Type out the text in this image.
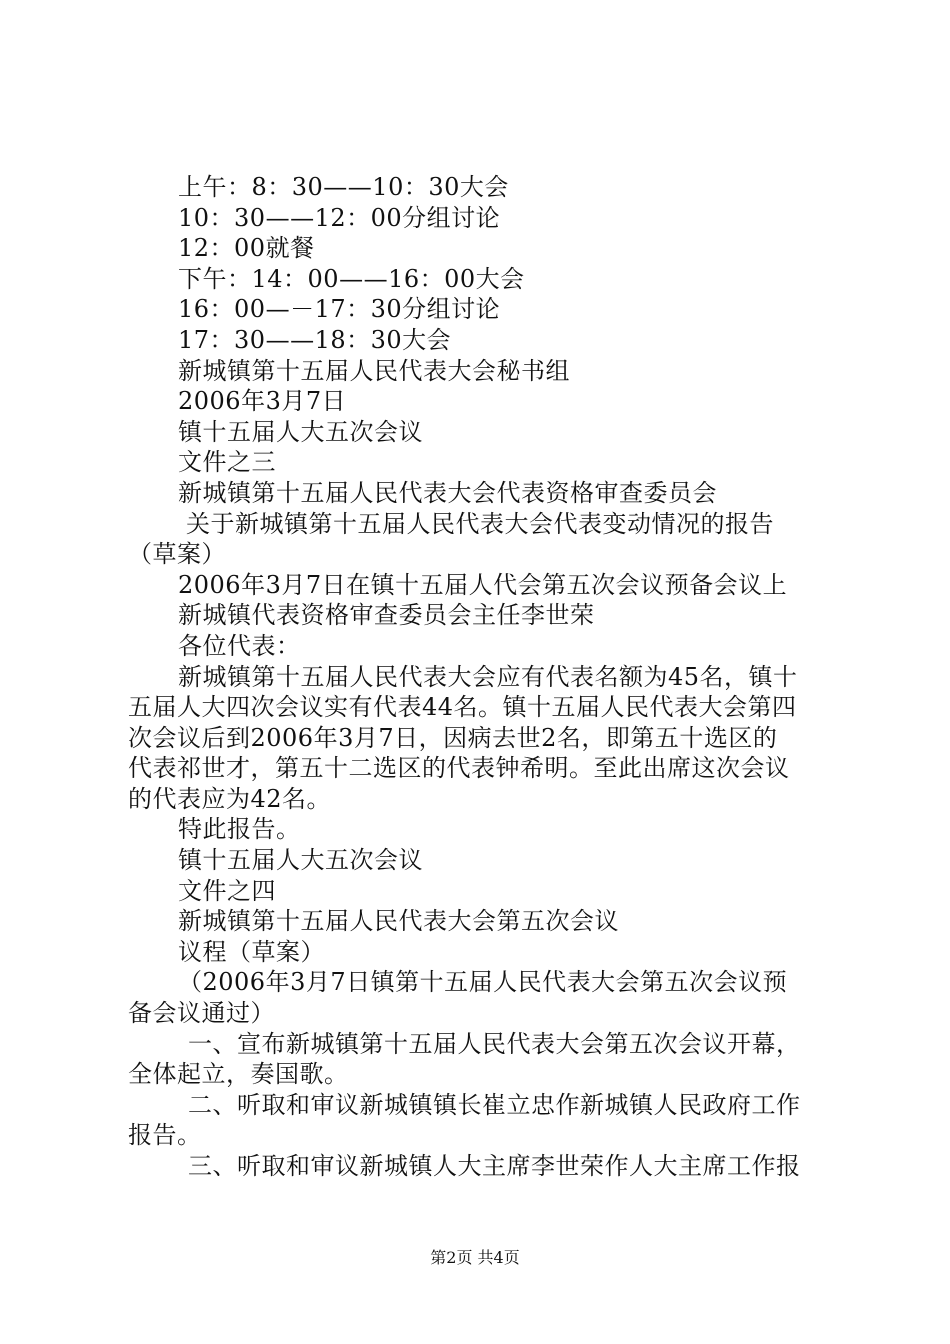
上午：8：30——10：30大会
10：30——12：00分组讨论
12：00就餐
下午：14：00——16：00大会
16：00—－17：30分组讨论
17：30——18：30大会
新城镇第十五届人民代表大会秘书组
2006年3月7日
镇十五届人大五次会议
文件之三
新城镇第十五届人民代表大会代表资格审查委员会
关于新城镇第十五届人民代表大会代表变动情况的报告
（草案）
2006年3月7日在镇十五届人代会第五次会议预备会议上
新城镇代表资格审查委员会主任李世荣
各位代表：
新城镇第十五届人民代表大会应有代表名额为45名，镇十
五届人大四次会议实有代表44名。镇十五届人民代表大会第四
次会议后到2006年3月7日，因病去世2名，即第五十选区的
代表祁世才，第五十二选区的代表钟希明。至此出席这次会议
的代表应为42名。
特此报告。
镇十五届人大五次会议
文件之四
新城镇第十五届人民代表大会第五次会议
议程（草案）
（2006年3月7日镇第十五届人民代表大会第五次会议预
备会议通过）
一、宣布新城镇第十五届人民代表大会第五次会议开幕，
全体起立，奏国歌。
二、听取和审议新城镇镇长崔立忠作新城镇人民政府工作
报告。
三、听取和审议新城镇人大主席李世荣作人大主席工作报
第2页 共4页
